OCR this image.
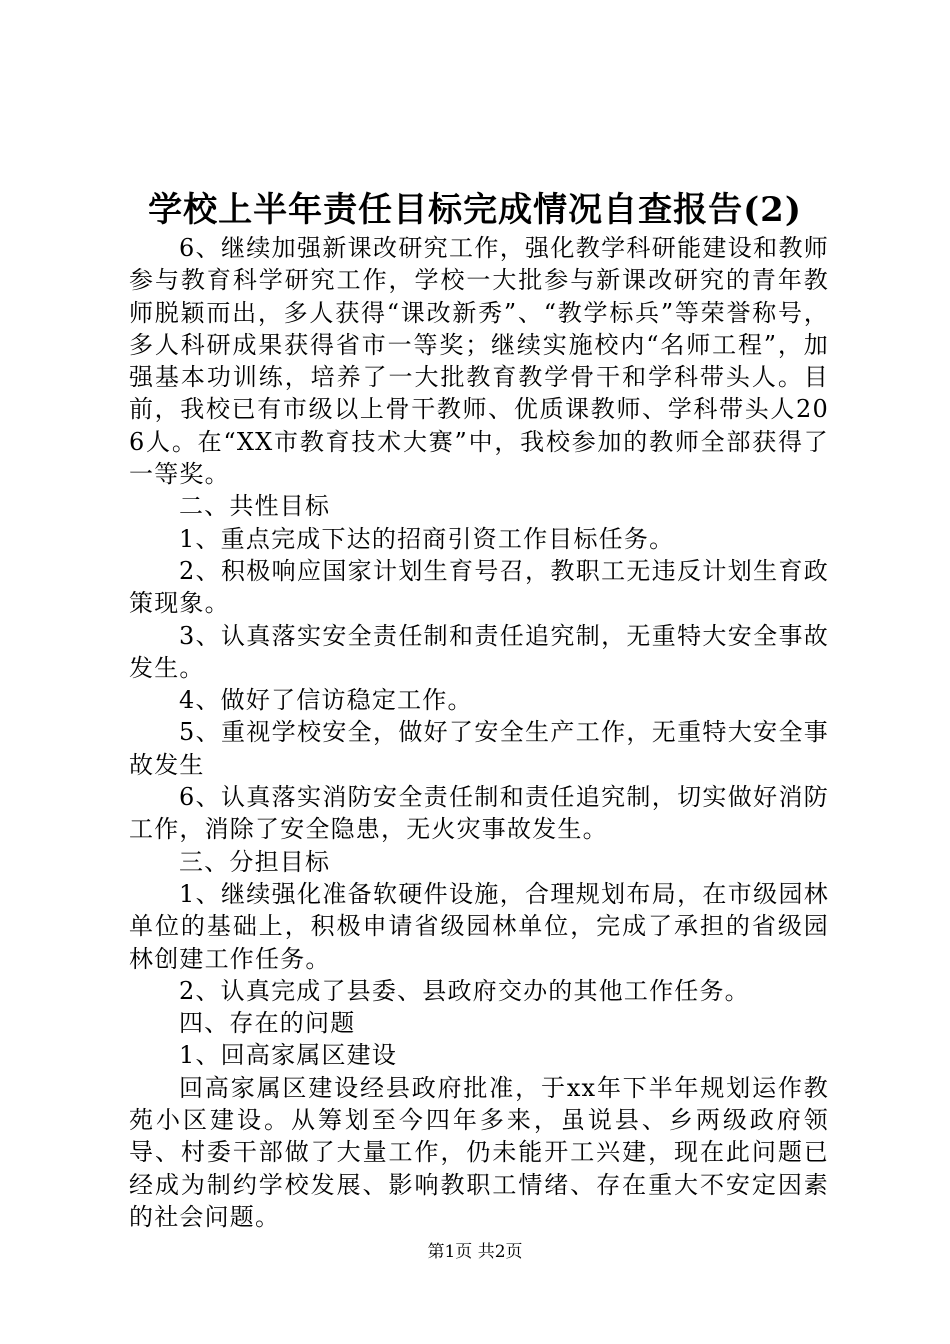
学校上半年责任目标完成情况自查报告(2)

6、继续加强新课改研究工作，强化教学科研能建设和教师参与教育科学研究工作，学校一大批参与新课改研究的青年教师脱颖而出，多人获得“课改新秀”、“教学标兵”等荣誉称号，多人科研成果获得省市一等奖；继续实施校内“名师工程”，加强基本功训练，培养了一大批教育教学骨干和学科带头人。目前，我校已有市级以上骨干教师、优质课教师、学科带头人206人。在“XX市教育技术大赛”中，我校参加的教师全部获得了一等奖。

二、共性目标

1、重点完成下达的招商引资工作目标任务。

2、积极响应国家计划生育号召，教职工无违反计划生育政策现象。

3、认真落实安全责任制和责任追究制，无重特大安全事故发生。

4、做好了信访稳定工作。

5、重视学校安全，做好了安全生产工作，无重特大安全事故发生

6、认真落实消防安全责任制和责任追究制，切实做好消防工作，消除了安全隐患，无火灾事故发生。

三、分担目标

1、继续强化准备软硬件设施，合理规划布局，在市级园林单位的基础上，积极申请省级园林单位，完成了承担的省级园林创建工作任务。

2、认真完成了县委、县政府交办的其他工作任务。

四、存在的问题

1、回高家属区建设

回高家属区建设经县政府批准，于xx年下半年规划运作教苑小区建设。从筹划至今四年多来，虽说县、乡两级政府领导、村委干部做了大量工作，仍未能开工兴建，现在此问题已经成为制约学校发展、影响教职工情绪、存在重大不安定因素的社会问题。

第1页 共2页
